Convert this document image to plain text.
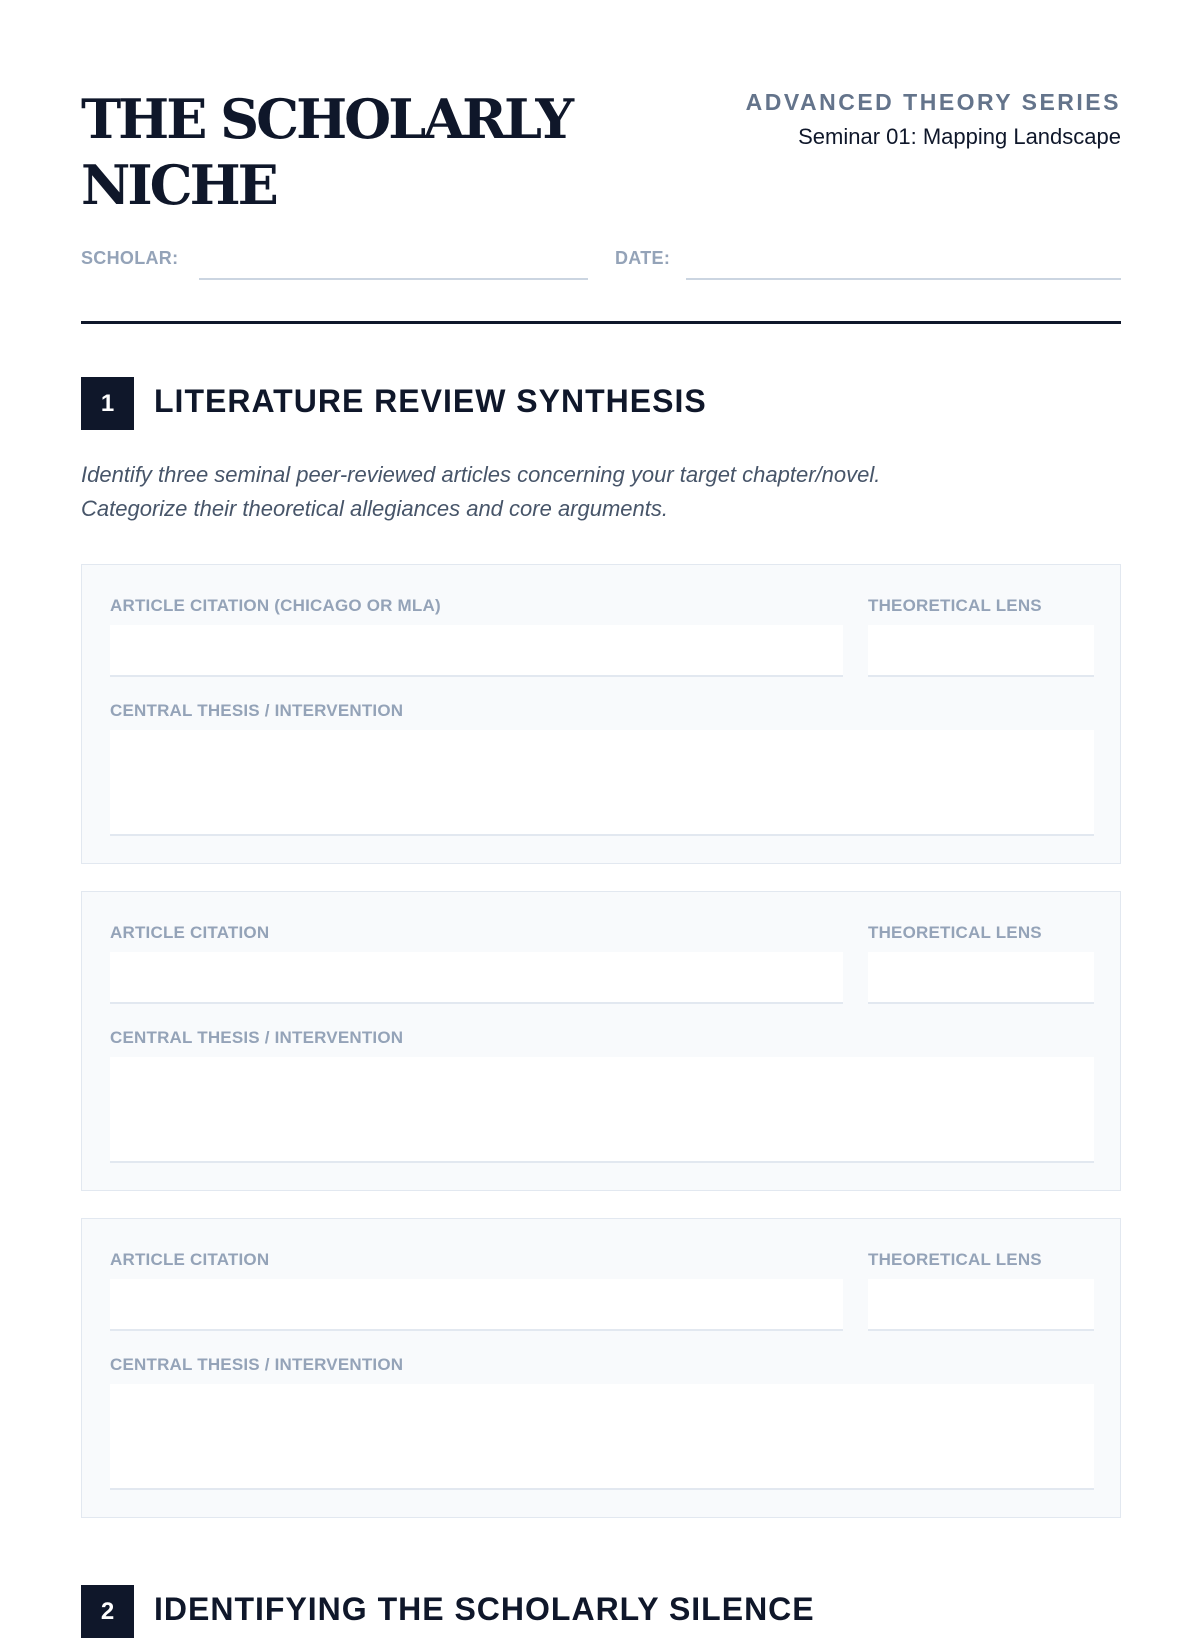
THE SCHOLARLY NICHE
ADVANCED THEORY SERIES
Seminar 01: Mapping Landscape
SCHOLAR:	DATE:
1	LITERATURE REVIEW SYNTHESIS
Identify three seminal peer-reviewed articles concerning your target chapter/novel.
Categorize their theoretical allegiances and core arguments.
ARTICLE CITATION (CHICAGO OR MLA)	THEORETICAL LENS
CENTRAL THESIS / INTERVENTION
ARTICLE CITATION	THEORETICAL LENS
CENTRAL THESIS / INTERVENTION
ARTICLE CITATION	THEORETICAL LENS
CENTRAL THESIS / INTERVENTION
2	IDENTIFYING THE SCHOLARLY SILENCE
